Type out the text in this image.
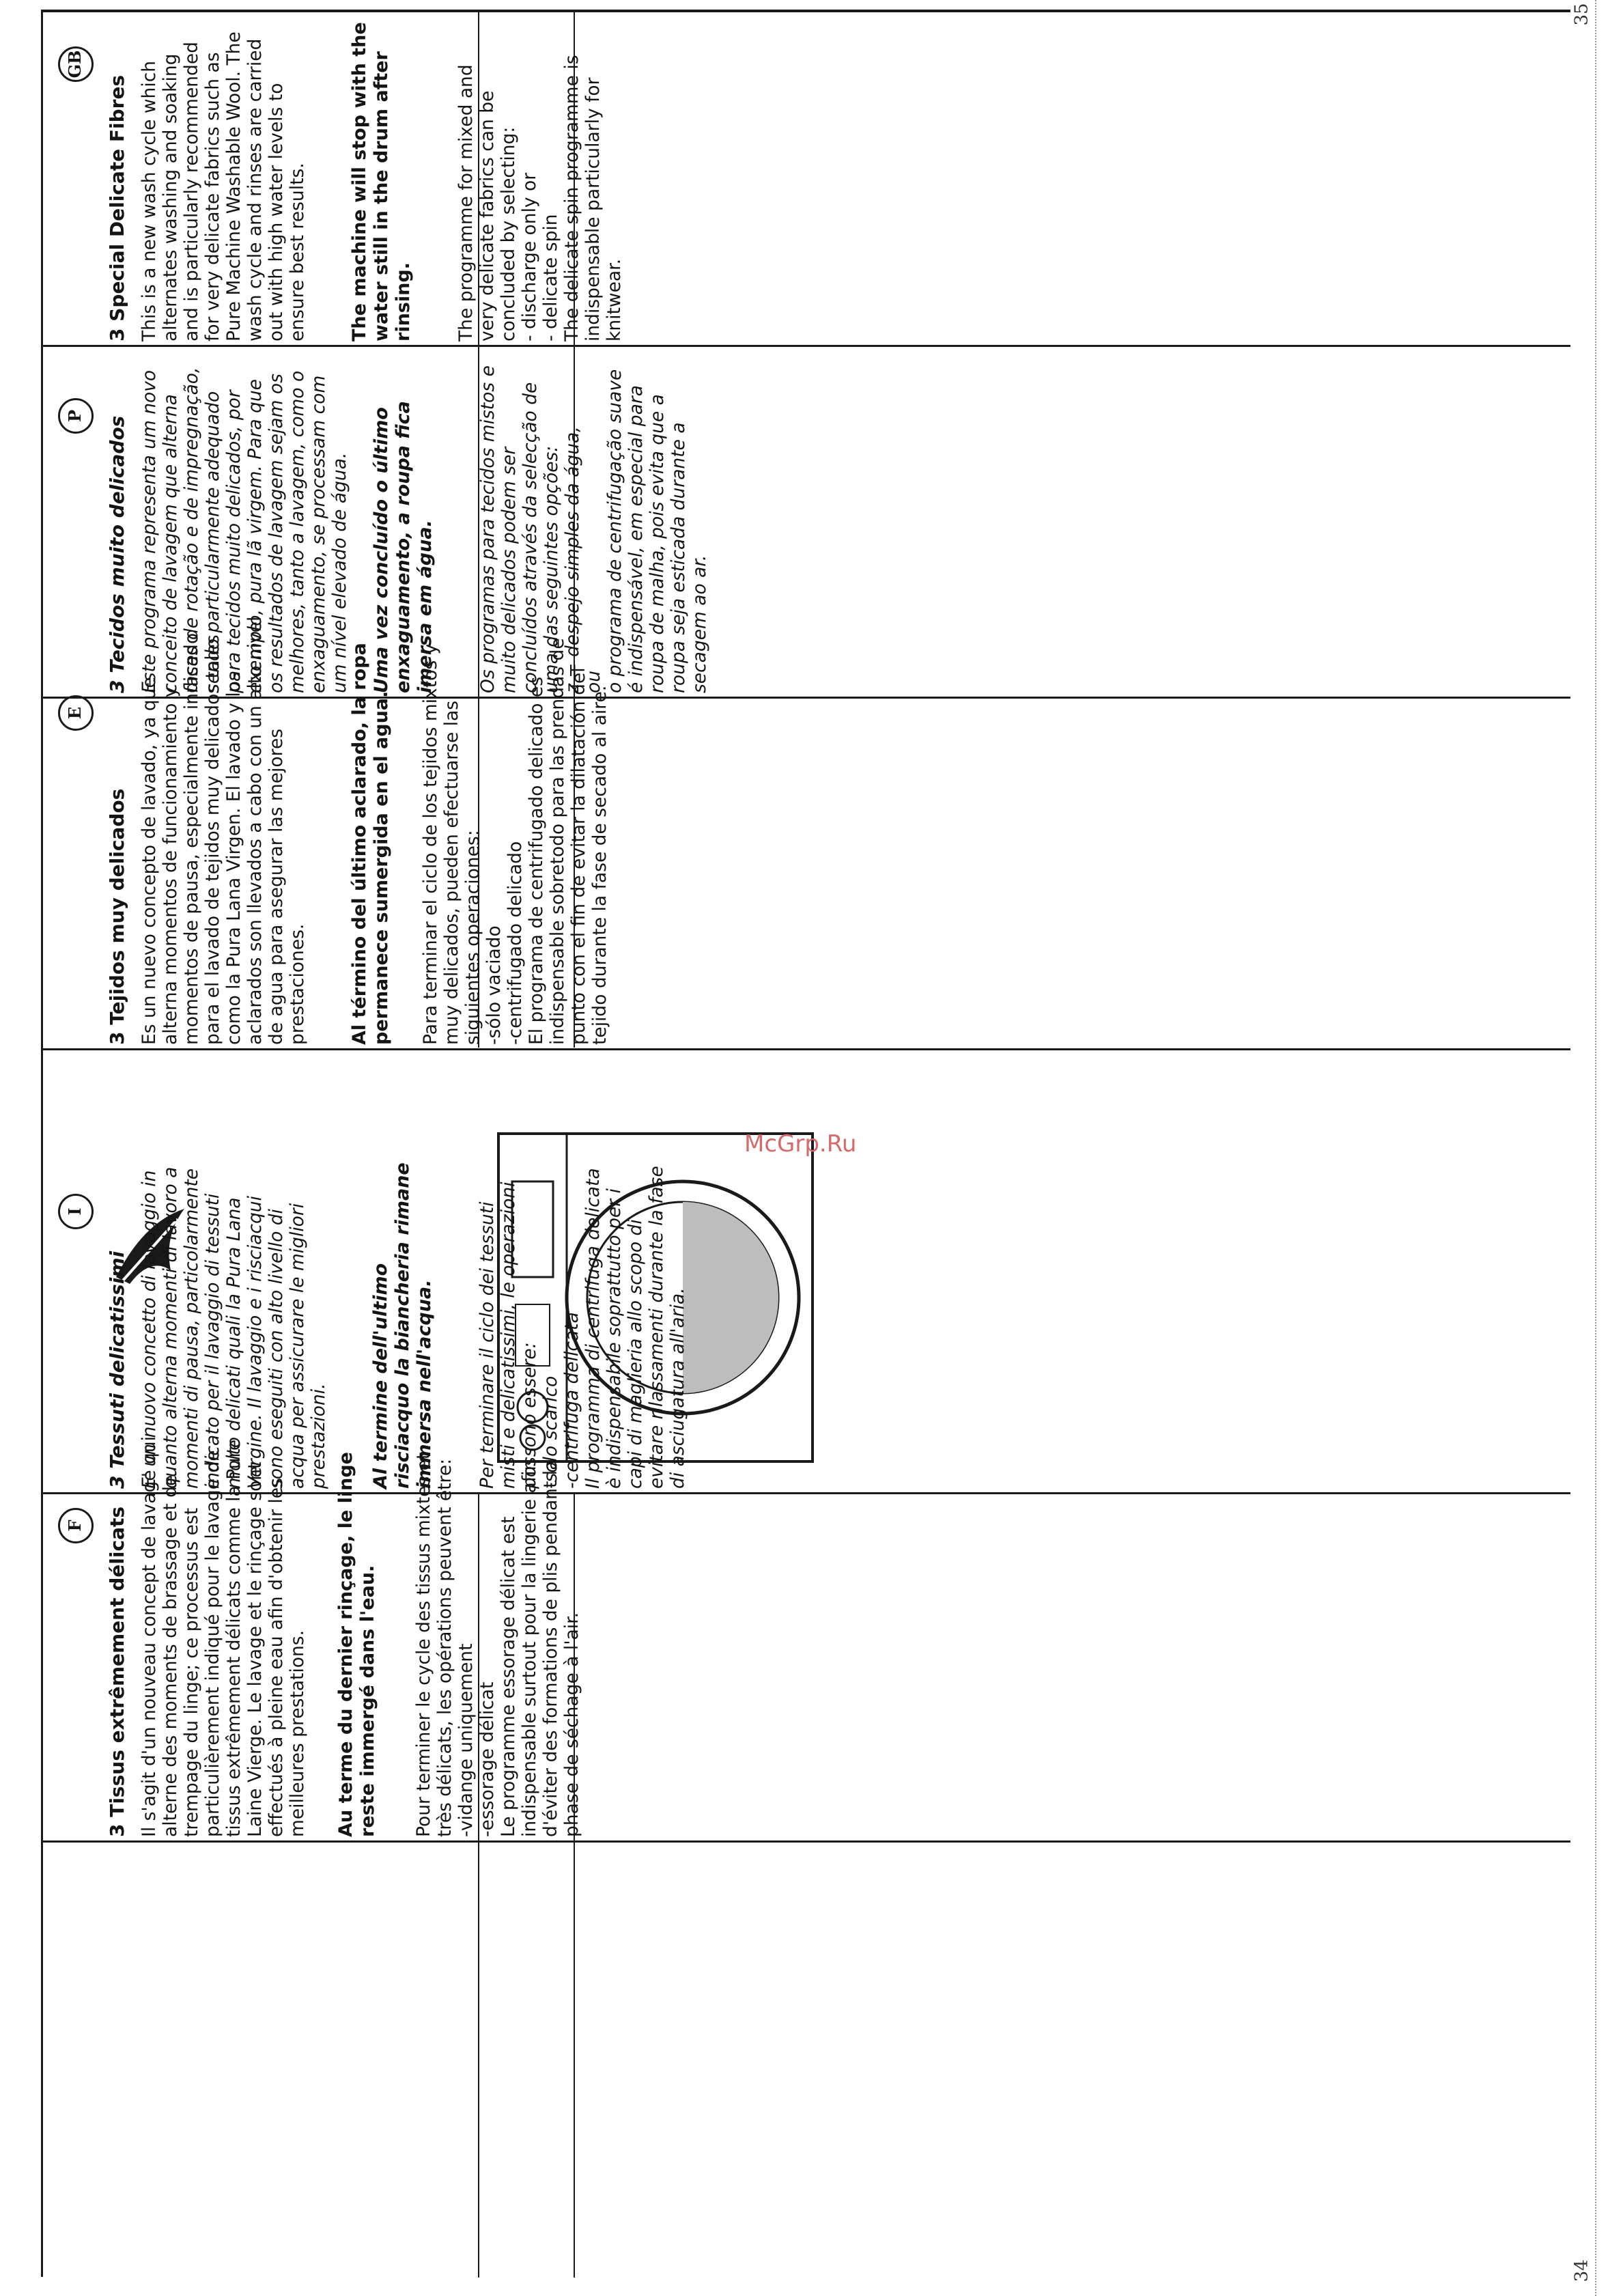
34
35
GB

3 Special Delicate Fibres This is a new wash cycle which alternates washing and soaking and is particularly recommended for very delicate fabrics such as Pure Machine Washable Wool. The wash cycle and rinses are carried out with high water levels to ensure best results. The machine will stop with the water still in the drum after rinsing. The programme for mixed and very delicate fabrics can be concluded by selecting: - discharge only or - delicate spin The delicate spin programme is indispensable particularly for knitwear.

P 3 Tecidos muito delicados Este programa representa um novo conceito de lavagem que alterna fases de rotação e de impregnação, sendo particularmente adequado para tecidos muito delicados, por exemplo, pura lã virgem. Para que os resultados de lavagem sejam os melhores, tanto a lavagem, como o enxaguamento, se processam com um nível elevado de água. Uma vez concluído o último enxaguamento, a roupa fica imersa em água. Os programas para tecidos mistos e muito delicados podem ser concluídos através da selecção de uma das seguintes opções: z = despejo simples da água, ou o programa de centrifugação suave é indispensável, em especial para roupa de malha, pois evita que a roupa seja esticada durante a secagem ao ar.

E

3 Tejidos muy delicados Es un nuevo concepto de lavado, ya que alterna momentos de funcionamiento y momentos de pausa, especialmente indicado para el lavado de tejidos muy delicados tales como la Pura Lana Virgen. El lavado y los aclarados son llevados a cabo con un alto nivel de agua para asegurar las mejores prestaciones. Al término del último aclarado, la ropa permanece sumergida en el agua. Para terminar el ciclo de los tejidos mixtos y muy delicados, pueden efectuarse las siguientes operaciones: -sólo vaciado -centrifugado delicado El programa de centrifugado delicado es indispensable sobretodo para las prendas de punto con el fin de evitar la dilatación del tejido durante la fase de secado al aire.

I

3 Tessuti delicatissimi E' un nuovo concetto di lavaggio in quanto alterna momenti di lavoro a momenti di pausa, particolarmente indicato per il lavaggio di tessuti molto delicati quali la Pura Lana Vergine. Il lavaggio e i risciacqui sono eseguiti con alto livello di acqua per assicurare le migliori prestazioni. Al termine dell'ultimo risciacquo la biancheria rimane immersa nell'acqua. Per terminare il ciclo dei tessuti misti e delicatissimi, le operazioni possono essere: -solo scarico -centrifuga delicata Il programma di centrifuga delicata è indispensabile soprattutto per i capi di maglieria allo scopo di evitare rilassamenti durante la fase di asciugatura all'aria.

F 3 Tissus extrêmement délicats Il s'agit d'un nouveau concept de lavage qui alterne des moments de brassage et de trempage du linge; ce processus est particulièrement indiqué pour le lavage de tissus extrêmement délicats comme la Pure Laine Vierge. Le lavage et le rinçage sont effectués à pleine eau afin d'obtenir les meilleures prestations. Au terme du dernier rinçage, le linge reste immergé dans l'eau. Pour terminer le cycle des tissus mixtes et très délicats, les opérations peuvent être: -vidange uniquement -essorage délicat Le programme essorage délicat est indispensable surtout pour la lingerie afin d'éviter des formations de plis pendant la phase de séchage à l'air.

McGrp.Ru
